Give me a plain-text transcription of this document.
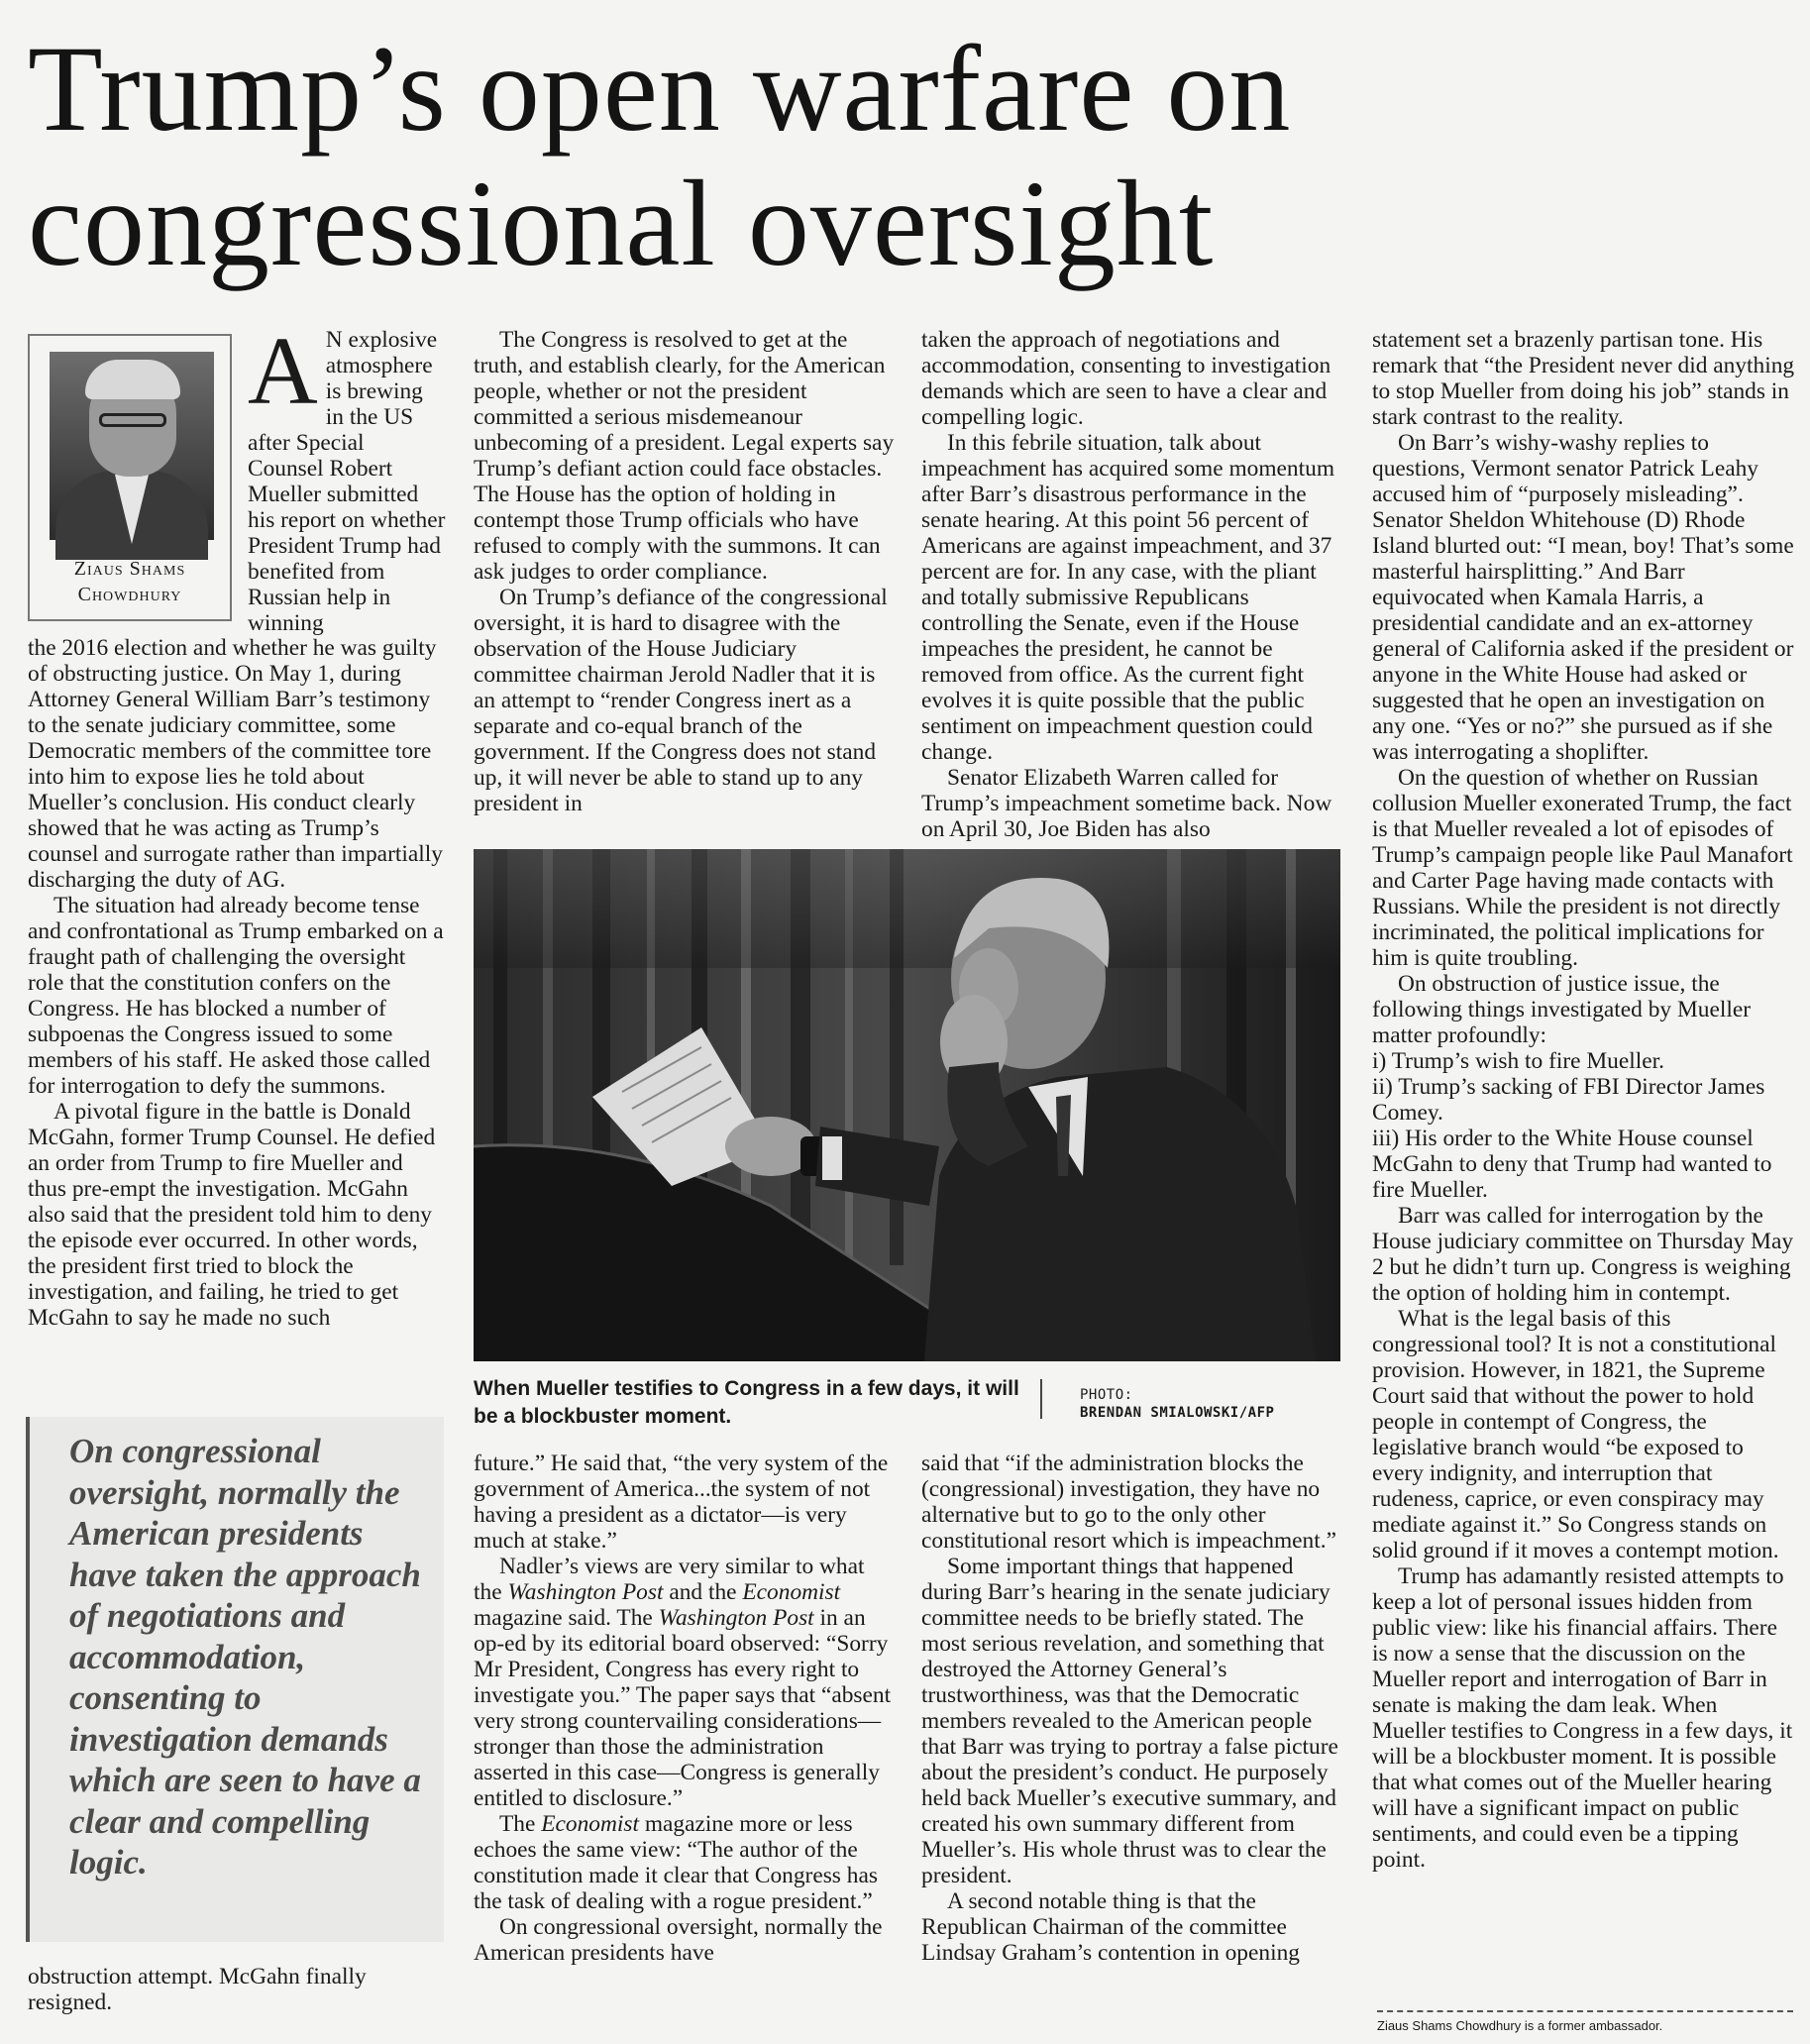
Trump’s open warfare on congressional oversight
Ziaus Shams Chowdhury

A N explosive atmosphere is brewing in the US after Special Counsel Robert Mueller submitted his report on whether President Trump had benefited from Russian help in winning

the 2016 election and whether he was guilty of obstructing justice. On May 1, during Attorney General William Barr’s testimony to the senate judiciary committee, some Democratic members of the committee tore into him to expose lies he told about Mueller’s conclusion. His conduct clearly showed that he was acting as Trump’s counsel and surrogate rather than impartially discharging the duty of AG.

The situation had already become tense and confrontational as Trump embarked on a fraught path of challenging the oversight role that the constitution confers on the Congress. He has blocked a number of subpoenas the Congress issued to some members of his staff. He asked those called for interrogation to defy the summons.

A pivotal figure in the battle is Donald McGahn, former Trump Counsel. He defied an order from Trump to fire Mueller and thus pre-empt the investigation. McGahn also said that the president told him to deny the episode ever occurred. In other words, the president first tried to block the investigation, and failing, he tried to get McGahn to say he made no such

On congressional oversight, normally the American presidents have taken the approach of negotiations and accommodation, consenting to investigation demands which are seen to have a clear and compelling logic.

obstruction attempt. McGahn finally resigned.

The Congress is resolved to get at the truth, and establish clearly, for the American people, whether or not the president committed a serious misdemeanour unbecoming of a president. Legal experts say Trump’s defiant action could face obstacles. The House has the option of holding in contempt those Trump officials who have refused to comply with the summons. It can ask judges to order compliance.

On Trump’s defiance of the congressional oversight, it is hard to disagree with the observation of the House Judiciary committee chairman Jerold Nadler that it is an attempt to “render Congress inert as a separate and co-equal branch of the government. If the Congress does not stand up, it will never be able to stand up to any president in

taken the approach of negotiations and accommodation, consenting to investigation demands which are seen to have a clear and compelling logic.

In this febrile situation, talk about impeachment has acquired some momentum after Barr’s disastrous performance in the senate hearing. At this point 56 percent of Americans are against impeachment, and 37 percent are for. In any case, with the pliant and totally submissive Republicans controlling the Senate, even if the House impeaches the president, he cannot be removed from office. As the current fight evolves it is quite possible that the public sentiment on impeachment question could change.

Senator Elizabeth Warren called for Trump’s impeachment sometime back. Now on April 30, Joe Biden has also

When Mueller testifies to Congress in a few days, it will be a blockbuster moment.
PHOTO:
BRENDAN SMIALOWSKI/AFP

future.” He said that, “the very system of the government of America...the system of not having a president as a dictator—is very much at stake.”

Nadler’s views are very similar to what the Washington Post and the Economist magazine said. The Washington Post in an op-ed by its editorial board observed: “Sorry Mr President, Congress has every right to investigate you.” The paper says that “absent very strong countervailing considerations—stronger than those the administration asserted in this case—Congress is generally entitled to disclosure.”

The Economist magazine more or less echoes the same view: “The author of the constitution made it clear that Congress has the task of dealing with a rogue president.”

On congressional oversight, normally the American presidents have

said that “if the administration blocks the (congressional) investigation, they have no alternative but to go to the only other constitutional resort which is impeachment.”

Some important things that happened during Barr’s hearing in the senate judiciary committee needs to be briefly stated. The most serious revelation, and something that destroyed the Attorney General’s trustworthiness, was that the Democratic members revealed to the American people that Barr was trying to portray a false picture about the president’s conduct. He purposely held back Mueller’s executive summary, and created his own summary different from Mueller’s. His whole thrust was to clear the president.

A second notable thing is that the Republican Chairman of the committee Lindsay Graham’s contention in opening

statement set a brazenly partisan tone. His remark that “the President never did anything to stop Mueller from doing his job” stands in stark contrast to the reality.

On Barr’s wishy-washy replies to questions, Vermont senator Patrick Leahy accused him of “purposely misleading”. Senator Sheldon Whitehouse (D) Rhode Island blurted out: “I mean, boy! That’s some masterful hairsplitting.” And Barr equivocated when Kamala Harris, a presidential candidate and an ex-attorney general of California asked if the president or anyone in the White House had asked or suggested that he open an investigation on any one. “Yes or no?” she pursued as if she was interrogating a shoplifter.

On the question of whether on Russian collusion Mueller exonerated Trump, the fact is that Mueller revealed a lot of episodes of Trump’s campaign people like Paul Manafort and Carter Page having made contacts with Russians. While the president is not directly incriminated, the political implications for him is quite troubling.

On obstruction of justice issue, the following things investigated by Mueller matter profoundly:

i) Trump’s wish to fire Mueller.

ii) Trump’s sacking of FBI Director James Comey.

iii) His order to the White House counsel McGahn to deny that Trump had wanted to fire Mueller.

Barr was called for interrogation by the House judiciary committee on Thursday May 2 but he didn’t turn up. Congress is weighing the option of holding him in contempt.

What is the legal basis of this congressional tool? It is not a constitutional provision. However, in 1821, the Supreme Court said that without the power to hold people in contempt of Congress, the legislative branch would “be exposed to every indignity, and interruption that rudeness, caprice, or even conspiracy may mediate against it.” So Congress stands on solid ground if it moves a contempt motion.

Trump has adamantly resisted attempts to keep a lot of personal issues hidden from public view: like his financial affairs. There is now a sense that the discussion on the Mueller report and interrogation of Barr in senate is making the dam leak. When Mueller testifies to Congress in a few days, it will be a blockbuster moment. It is possible that what comes out of the Mueller hearing will have a significant impact on public sentiments, and could even be a tipping point.

Ziaus Shams Chowdhury is a former ambassador.
